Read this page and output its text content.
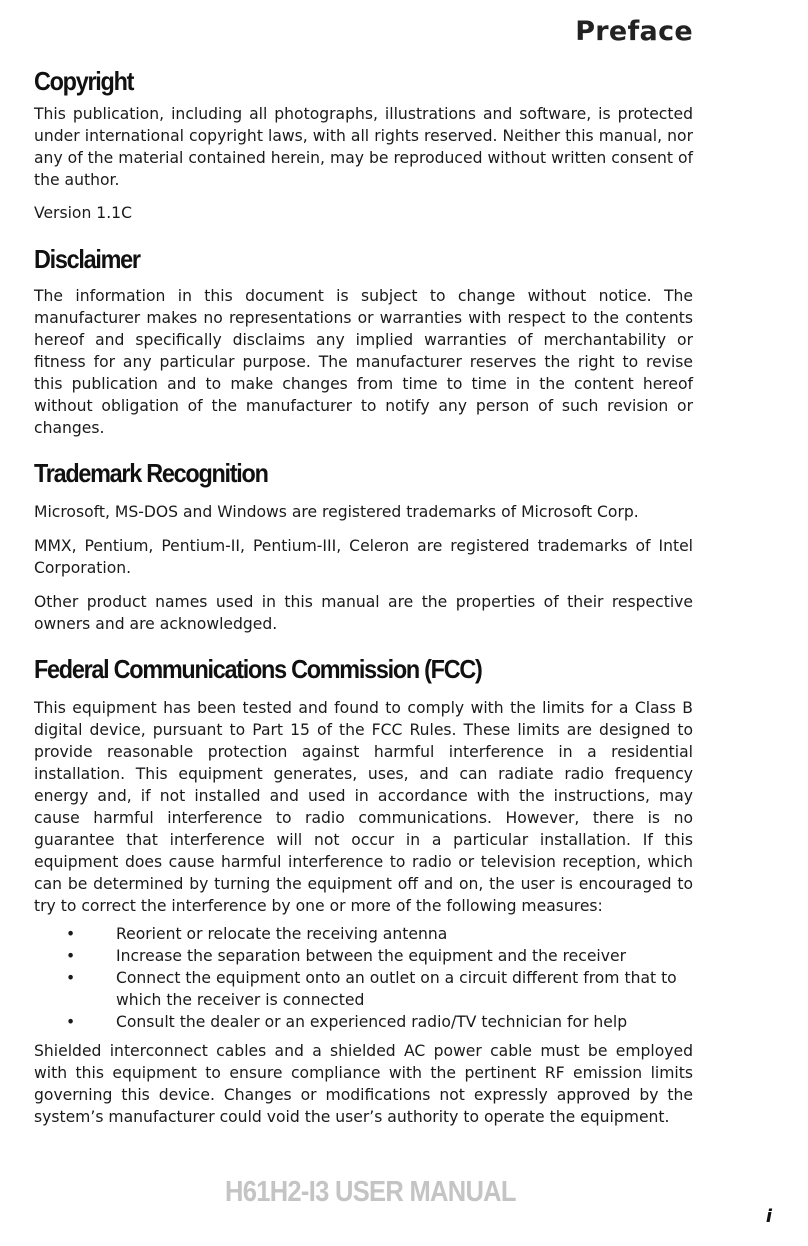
Preface
Copyright

This publication, including all photographs, illustrations and software, is protected under international copyright laws, with all rights reserved. Neither this manual, nor any of the material contained herein, may be reproduced without written consent of the author.

Version 1.1C

Disclaimer

The information in this document is subject to change without notice. The manufacturer makes no representations or warranties with respect to the contents hereof and specifically disclaims any implied warranties of merchantability or fitness for any particular purpose. The manufacturer reserves the right to revise this publication and to make changes from time to time in the content hereof without obligation of the manufacturer to notify any person of such revision or changes.

Trademark Recognition

Microsoft, MS-DOS and Windows are registered trademarks of Microsoft Corp.

MMX, Pentium, Pentium-II, Pentium-III, Celeron are registered trademarks of Intel Corporation.

Other product names used in this manual are the properties of their respective owners and are acknowledged.

Federal Communications Commission (FCC)

This equipment has been tested and found to comply with the limits for a Class B digital device, pursuant to Part 15 of the FCC Rules. These limits are designed to provide reasonable protection against harmful interference in a residential installation. This equipment generates, uses, and can radiate radio frequency energy and, if not installed and used in accordance with the instructions, may cause harmful interference to radio communications. However, there is no guarantee that interference will not occur in a particular installation. If this equipment does cause harmful interference to radio or television reception, which can be determined by turning the equipment off and on, the user is encouraged to try to correct the interference by one or more of the following measures:

•	Reorient or relocate the receiving antenna
•	Increase the separation between the equipment and the receiver
•	Connect the equipment onto an outlet on a circuit different from that to which the receiver is connected
•	Consult the dealer or an experienced radio/TV technician for help

Shielded interconnect cables and a shielded AC power cable must be employed with this equipment to ensure compliance with the pertinent RF emission limits governing this device. Changes or modifications not expressly approved by the system’s manufacturer could void the user’s authority to operate the equipment.

H61H2-I3 USER MANUAL
i
